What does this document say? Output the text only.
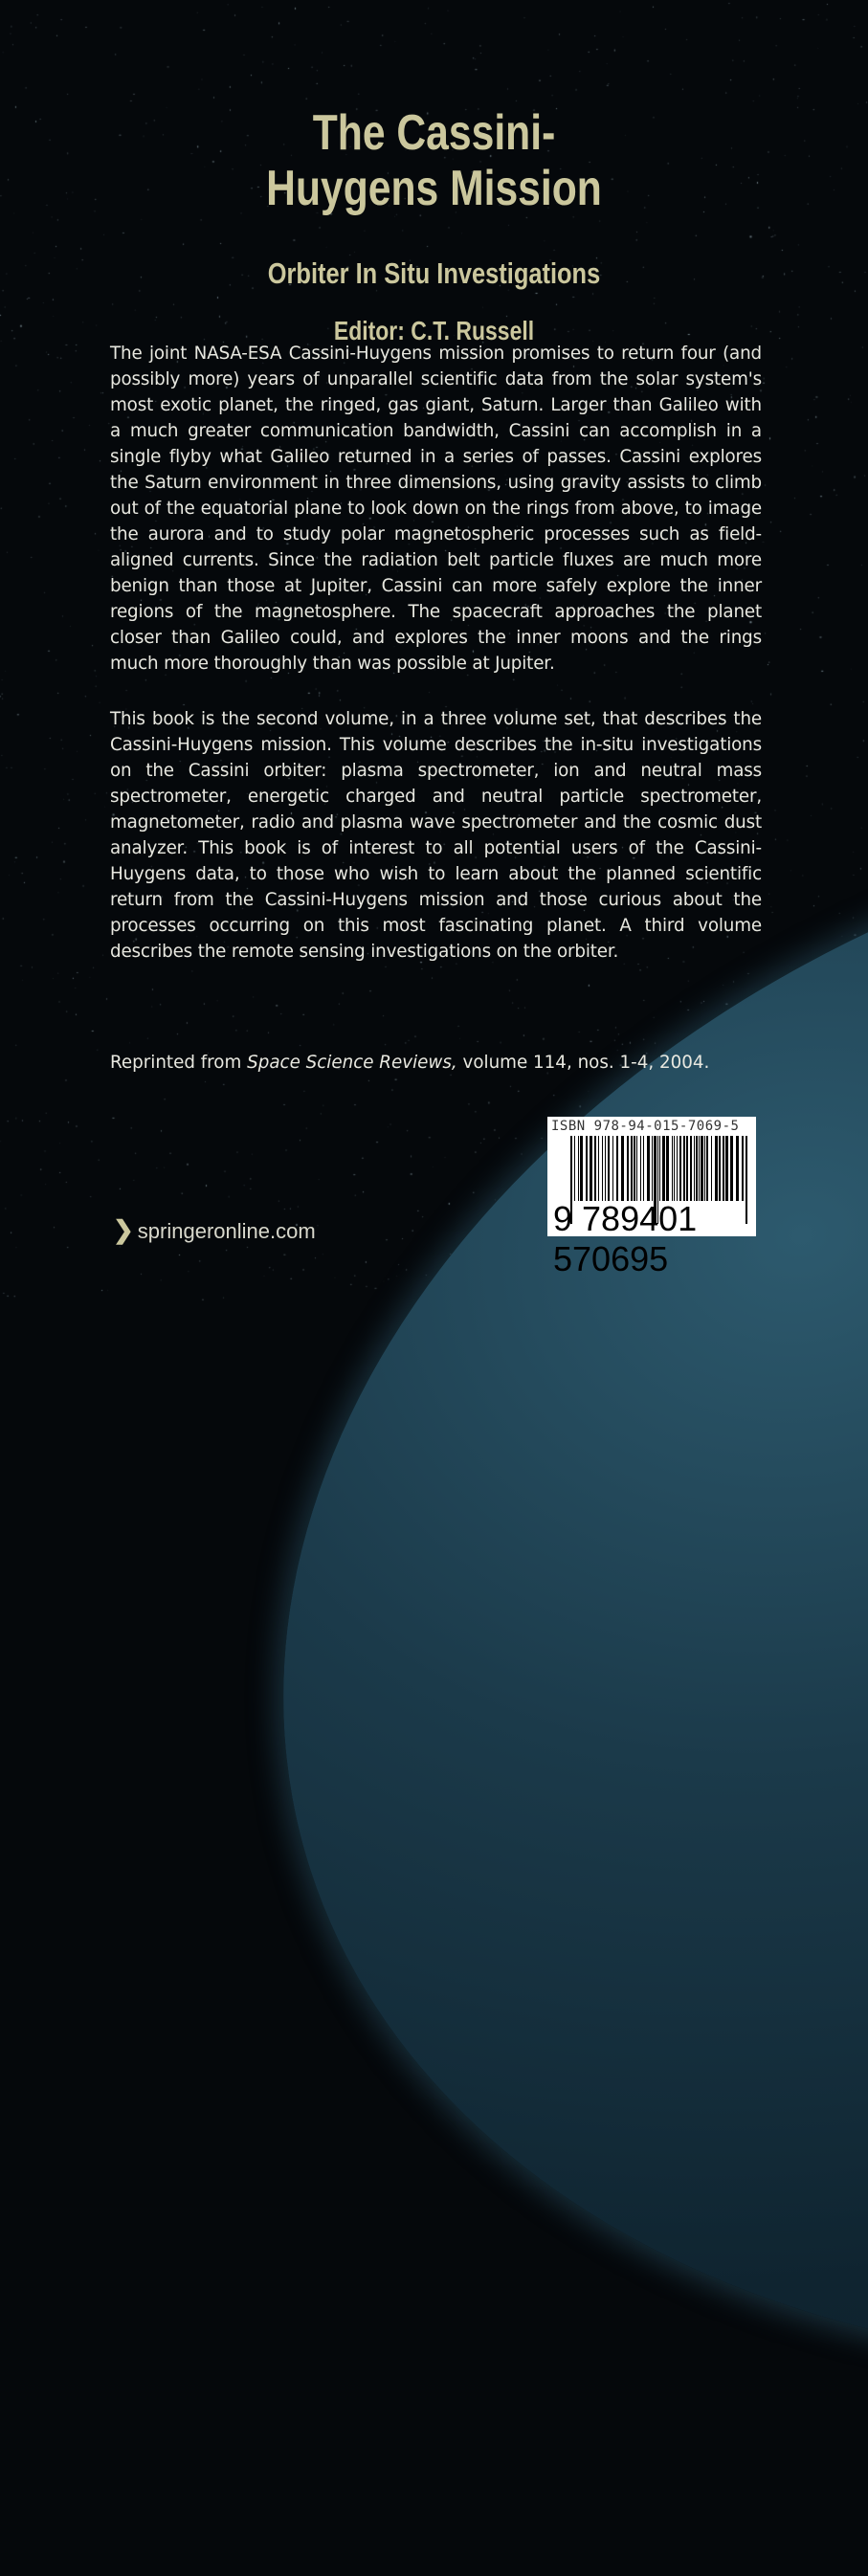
The Cassini-
Huygens Mission
Orbiter In Situ Investigations
Editor: C.T. Russell
The joint NASA-ESA Cassini-Huygens mission promises to return four (and possibly more) years of unparallel scientific data from the solar system's most exotic planet, the ringed, gas giant, Saturn. Larger than Galileo with a much greater communication bandwidth, Cassini can accomplish in a single flyby what Galileo returned in a series of passes. Cassini explores the Saturn environment in three dimensions, using gravity assists to climb out of the equatorial plane to look down on the rings from above, to image the aurora and to study polar magnetospheric processes such as field-aligned currents. Since the radiation belt particle fluxes are much more benign than those at Jupiter, Cassini can more safely explore the inner regions of the magnetosphere. The spacecraft approaches the planet closer than Galileo could, and explores the inner moons and the rings much more thoroughly than was possible at Jupiter.
This book is the second volume, in a three volume set, that describes the Cassini-Huygens mission. This volume describes the in-situ investigations on the Cassini orbiter: plasma spectrometer, ion and neutral mass spectrometer, energetic charged and neutral particle spectrometer, magnetometer, radio and plasma wave spectrometer and the cosmic dust analyzer. This book is of interest to all potential users of the Cassini-Huygens data, to those who wish to learn about the planned scientific return from the Cassini-Huygens mission and those curious about the processes occurring on this most fascinating planet. A third volume describes the remote sensing investigations on the orbiter.
Reprinted from Space Science Reviews, volume 114, nos. 1-4, 2004.
ISBN 978-94-015-7069-5
9 789401 570695
❯ springeronline.com
